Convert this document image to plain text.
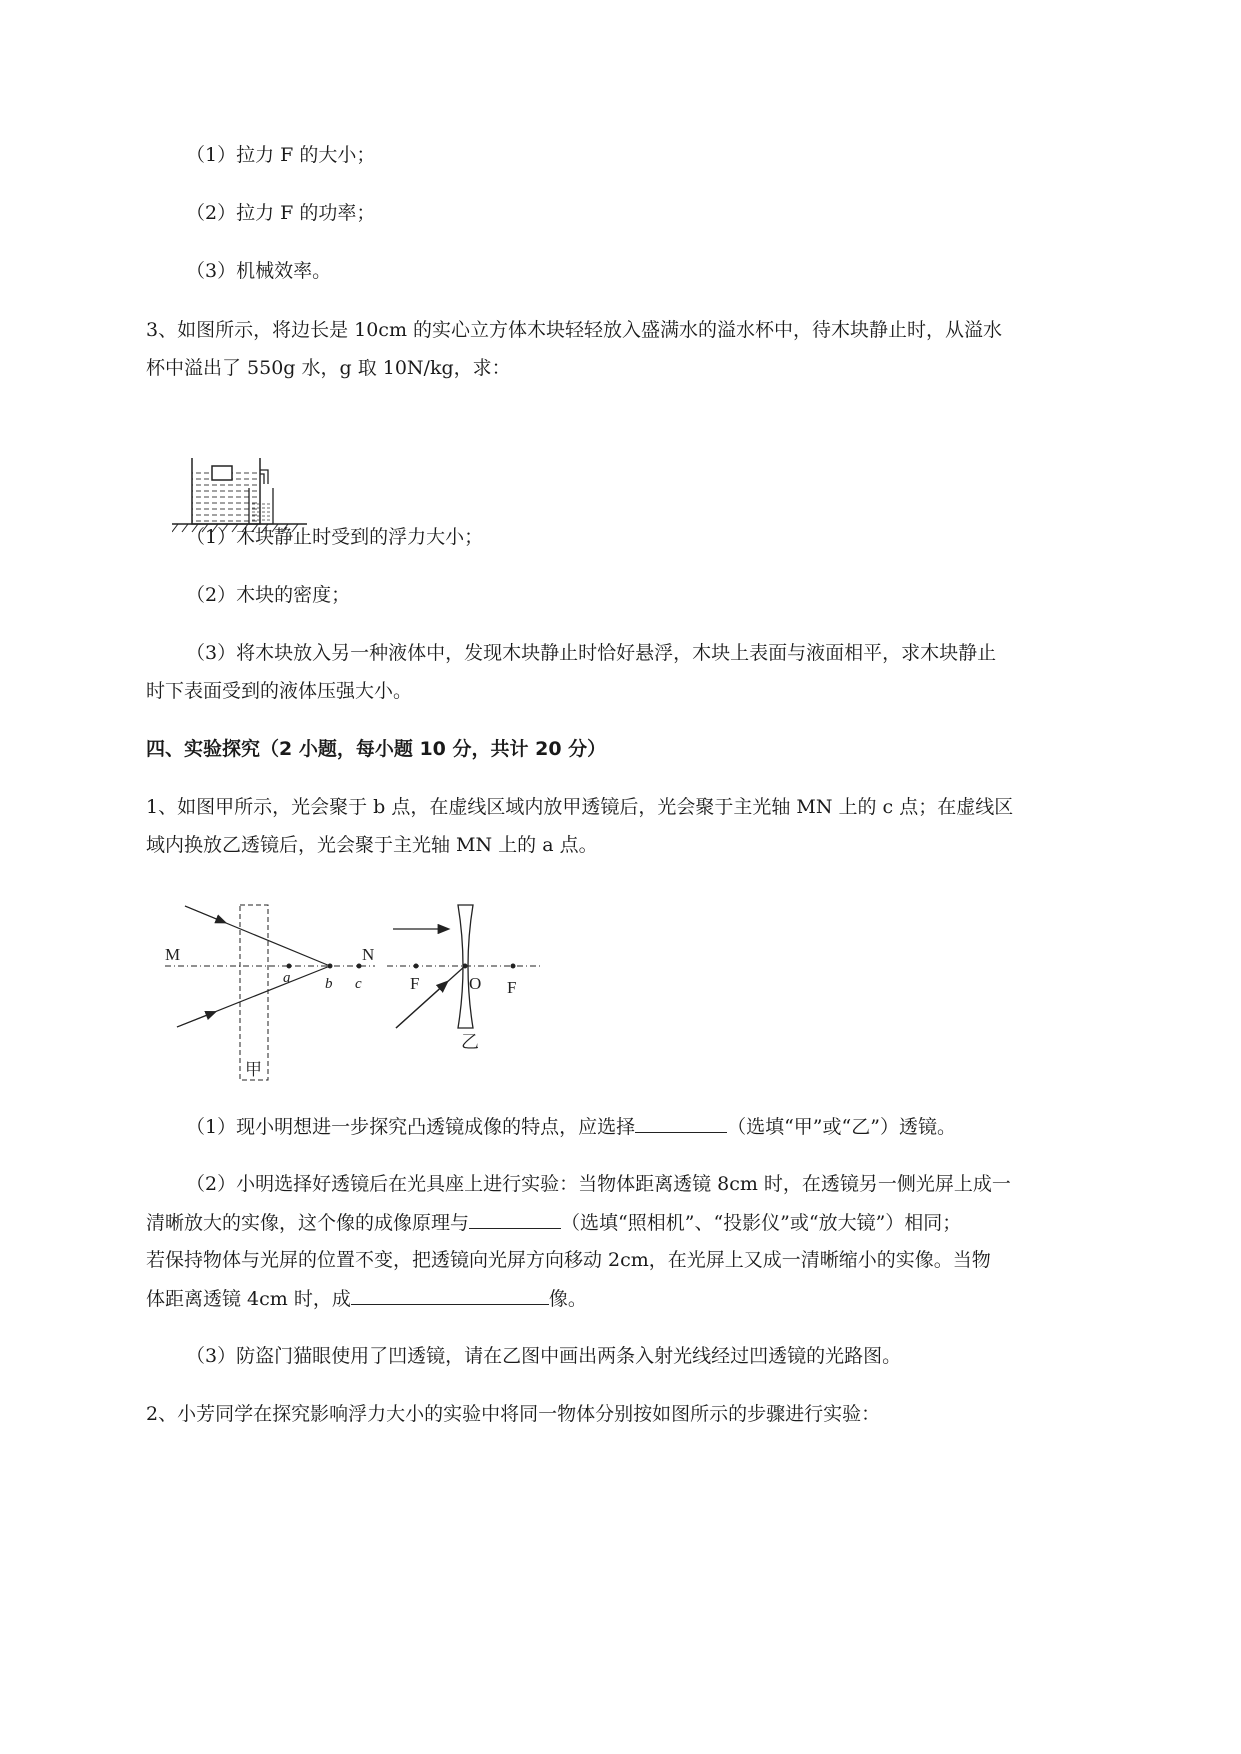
（1）拉力 F 的大小；
（2）拉力 F 的功率；
（3）机械效率。
3、如图所示，将边长是 10cm 的实心立方体木块轻轻放入盛满水的溢水杯中，待木块静止时，从溢水
杯中溢出了 550g 水，g 取 10N/kg，求：
（1）木块静止时受到的浮力大小；
（2）木块的密度；
（3）将木块放入另一种液体中，发现木块静止时恰好悬浮，木块上表面与液面相平，求木块静止
时下表面受到的液体压强大小。
四、实验探究（2 小题，每小题 10 分，共计 20 分）
1、如图甲所示，光会聚于 b 点，在虚线区域内放甲透镜后，光会聚于主光轴 MN 上的 c 点；在虚线区
域内换放乙透镜后，光会聚于主光轴 MN 上的 a 点。
M	N
a b c
甲
F	O F
乙
（1）现小明想进一步探究凸透镜成像的特点，应选择	（选填“甲”或“乙”）透镜。
（2）小明选择好透镜后在光具座上进行实验：当物体距离透镜 8cm 时，在透镜另一侧光屏上成一
清晰放大的实像，这个像的成像原理与	（选填“照相机”、“投影仪”或“放大镜”）相同；
若保持物体与光屏的位置不变，把透镜向光屏方向移动 2cm，在光屏上又成一清晰缩小的实像。当物
体距离透镜 4cm 时，成	像。
（3）防盗门猫眼使用了凹透镜，请在乙图中画出两条入射光线经过凹透镜的光路图。
2、小芳同学在探究影响浮力大小的实验中将同一物体分别按如图所示的步骤进行实验：
